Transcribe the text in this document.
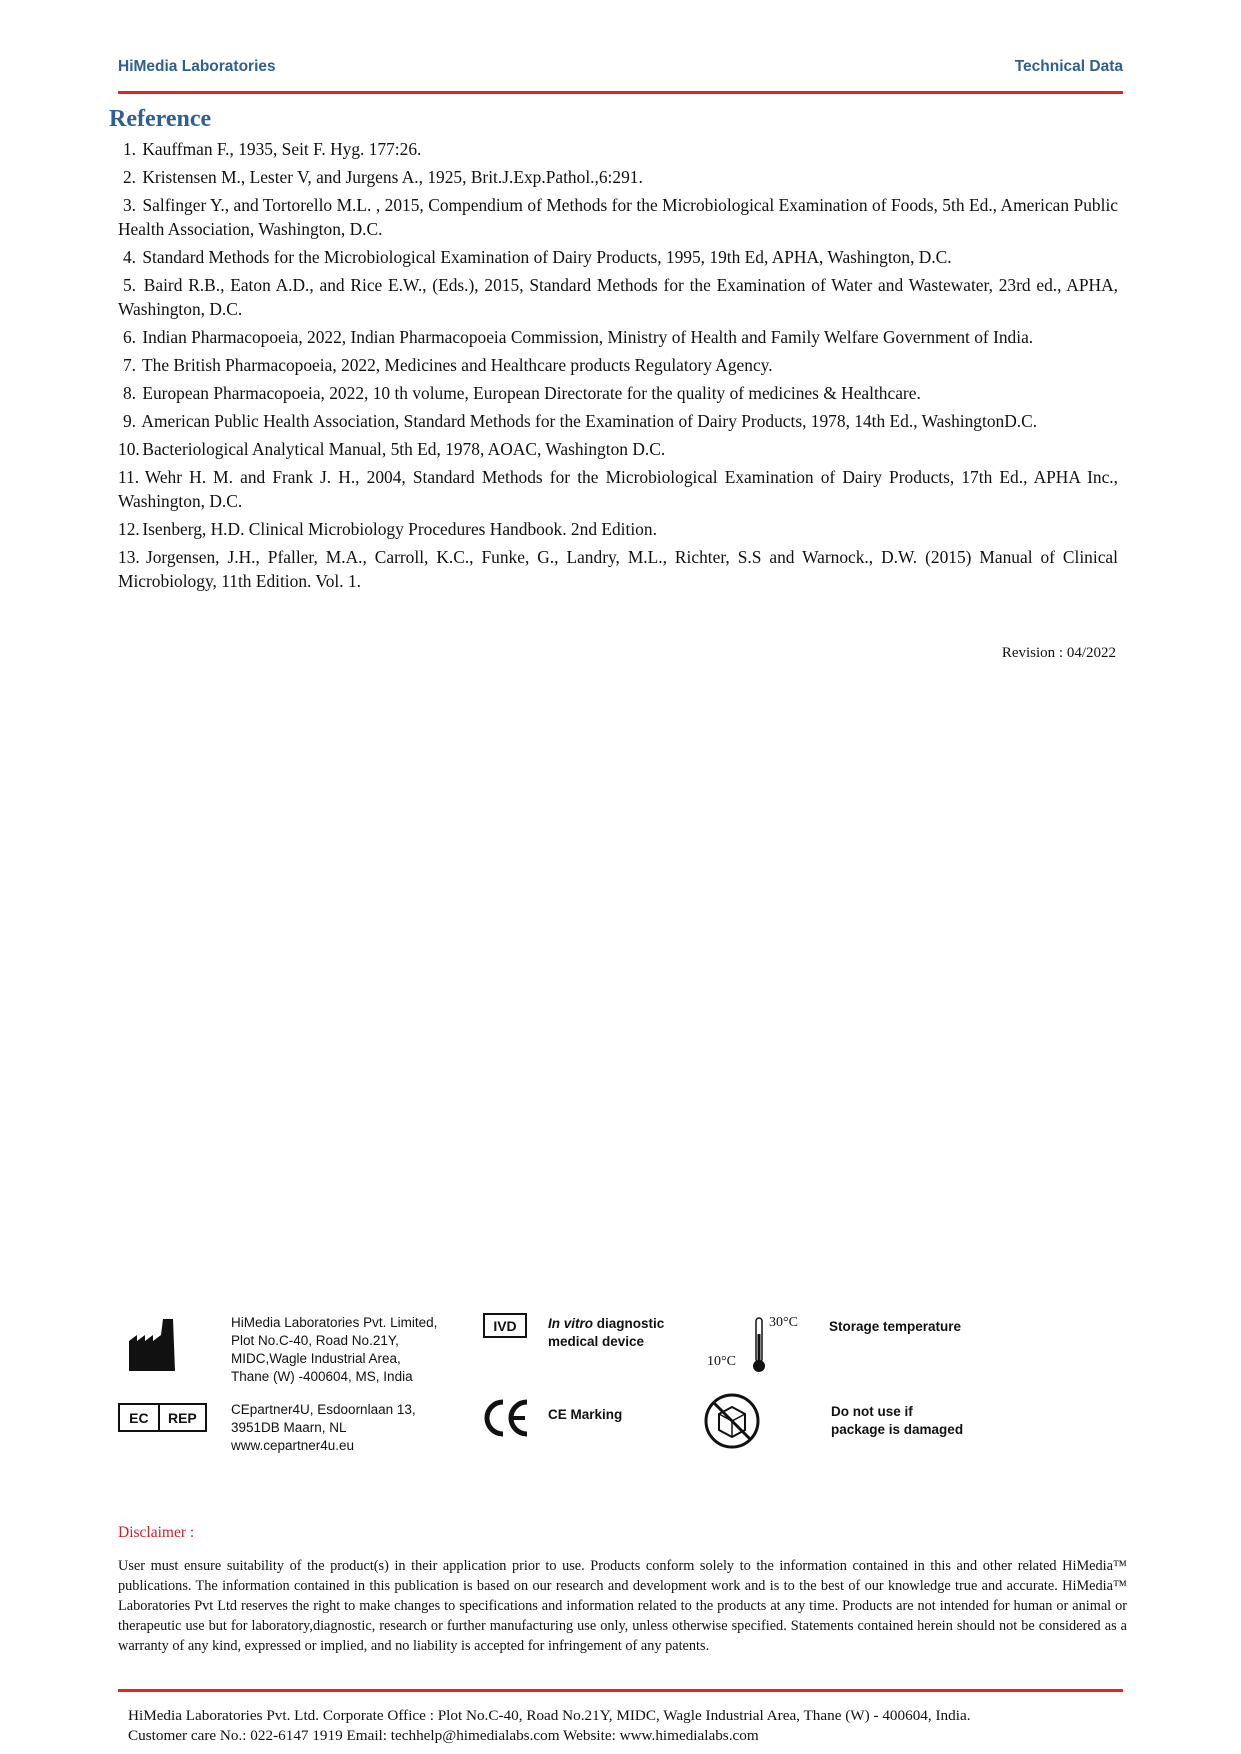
HiMedia Laboratories	Technical Data
Reference
1. Kauffman F., 1935, Seit F. Hyg. 177:26.
2. Kristensen M., Lester V, and Jurgens A., 1925, Brit.J.Exp.Pathol.,6:291.
3. Salfinger Y., and Tortorello M.L. , 2015, Compendium of Methods for the Microbiological Examination of Foods, 5th Ed., American Public Health Association, Washington, D.C.
4. Standard Methods for the Microbiological Examination of Dairy Products, 1995, 19th Ed, APHA, Washington, D.C.
5. Baird R.B., Eaton A.D., and Rice E.W., (Eds.), 2015, Standard Methods for the Examination of Water and Wastewater, 23rd ed., APHA, Washington, D.C.
6. Indian Pharmacopoeia, 2022, Indian Pharmacopoeia Commission, Ministry of Health and Family Welfare Government of India.
7. The British Pharmacopoeia, 2022, Medicines and Healthcare products Regulatory Agency.
8. European Pharmacopoeia, 2022, 10 th volume, European Directorate for the quality of medicines & Healthcare.
9. American Public Health Association, Standard Methods for the Examination of Dairy Products, 1978, 14th Ed., WashingtonD.C.
10. Bacteriological Analytical Manual, 5th Ed, 1978, AOAC, Washington D.C.
11. Wehr H. M. and Frank J. H., 2004, Standard Methods for the Microbiological Examination of Dairy Products, 17th Ed., APHA Inc., Washington, D.C.
12. Isenberg, H.D. Clinical Microbiology Procedures Handbook. 2nd Edition.
13. Jorgensen, J.H., Pfaller, M.A., Carroll, K.C., Funke, G., Landry, M.L., Richter, S.S and Warnock., D.W. (2015) Manual of Clinical Microbiology, 11th Edition. Vol. 1.
Revision : 04/2022
HiMedia Laboratories Pvt. Limited,
Plot No.C-40, Road No.21Y,
MIDC,Wagle Industrial Area,
Thane (W) -400604, MS, India
EC	REP	CEpartner4U, Esdoornlaan 13,
3951DB Maarn, NL
www.cepartner4u.eu
IVD	In vitro diagnostic
medical device
CE Marking
30°C
10°C
Storage temperature
Do not use if
package is damaged
Disclaimer :
User must ensure suitability of the product(s) in their application prior to use. Products conform solely to the information contained in this and other related HiMedia™ publications. The information contained in this publication is based on our research and development work and is to the best of our knowledge true and accurate. HiMedia™ Laboratories Pvt Ltd reserves the right to make changes to specifications and information related to the products at any time. Products are not intended for human or animal or therapeutic use but for laboratory,diagnostic, research or further manufacturing use only, unless otherwise specified. Statements contained herein should not be considered as a warranty of any kind, expressed or implied, and no liability is accepted for infringement of any patents.
HiMedia Laboratories Pvt. Ltd. Corporate Office : Plot No.C-40, Road No.21Y, MIDC, Wagle Industrial Area, Thane (W) - 400604, India.
Customer care No.: 022-6147 1919 Email: techhelp@himedialabs.com Website: www.himedialabs.com
